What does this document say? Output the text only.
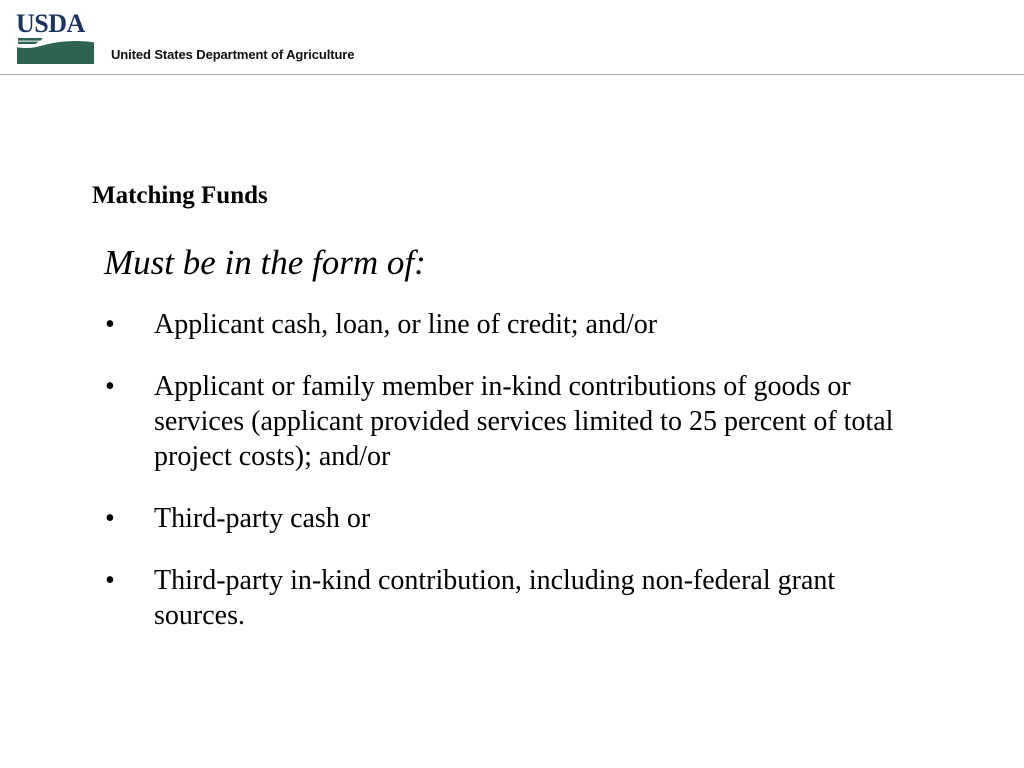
USDA
United States Department of Agriculture
Matching Funds
Must be in the form of:
•	Applicant cash, loan, or line of credit; and/or
•	Applicant or family member in-kind contributions of goods or services (applicant provided services limited to 25 percent of total project costs); and/or
•	Third-party cash or
•	Third-party in-kind contribution, including non-federal grant sources.
